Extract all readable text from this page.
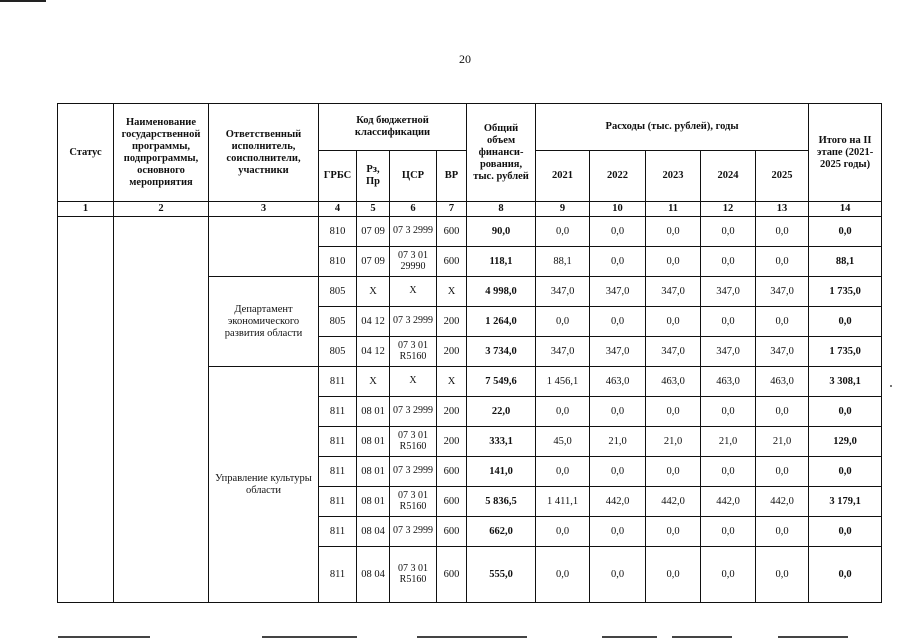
20
Статус	Наименование государственной программы, подпрограммы, основного мероприятия	Ответственный исполнитель, соисполнители, участники	Код бюджетной классификации				Общий объем финанси-рования, тыс. рублей	Расходы (тыс. рублей), годы					Итого на II этапе (2021-2025 годы)
			ГРБС	Рз, Пр	ЦСР	ВР		2021	2022	2023	2024	2025	
1	2	3	4	5	6	7	8	9	10	11	12	13	14
			810	07 09	07 3 2999	600	90,0	0,0	0,0	0,0	0,0	0,0	0,0
			810	07 09	07 3 01 29990	600	118,1	88,1	0,0	0,0	0,0	0,0	88,1
		Департамент экономического развития области	805	Х	Х	Х	4 998,0	347,0	347,0	347,0	347,0	347,0	1 735,0
			805	04 12	07 3 2999	200	1 264,0	0,0	0,0	0,0	0,0	0,0	0,0
			805	04 12	07 3 01 R5160	200	3 734,0	347,0	347,0	347,0	347,0	347,0	1 735,0
		Управление культуры области	811	Х	Х	Х	7 549,6	1 456,1	463,0	463,0	463,0	463,0	3 308,1
			811	08 01	07 3 2999	200	22,0	0,0	0,0	0,0	0,0	0,0	0,0
			811	08 01	07 3 01 R5160	200	333,1	45,0	21,0	21,0	21,0	21,0	129,0
			811	08 01	07 3 2999	600	141,0	0,0	0,0	0,0	0,0	0,0	0,0
			811	08 01	07 3 01 R5160	600	5 836,5	1 411,1	442,0	442,0	442,0	442,0	3 179,1
			811	08 04	07 3 2999	600	662,0	0,0	0,0	0,0	0,0	0,0	0,0
			811	08 04	07 3 01 R5160	600	555,0	0,0	0,0	0,0	0,0	0,0	0,0
